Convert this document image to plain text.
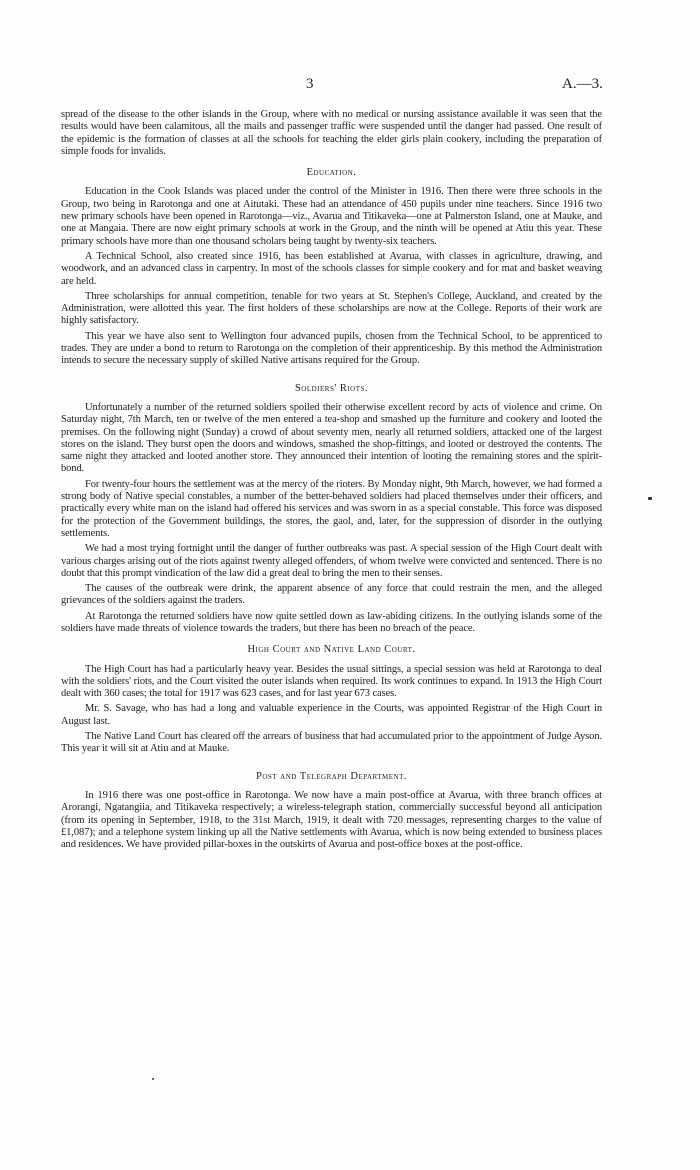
3	A.—3.

spread of the disease to the other islands in the Group, where with no medical or nursing assistance available it was seen that the results would have been calamitous, all the mails and passenger traffic were suspended until the danger had passed. One result of the epidemic is the formation of classes at all the schools for teaching the elder girls plain cookery, including the preparation of simple foods for invalids.

Education.

Education in the Cook Islands was placed under the control of the Minister in 1916. Then there were three schools in the Group, two being in Rarotonga and one at Aitutaki. These had an attendance of 450 pupils under nine teachers. Since 1916 two new primary schools have been opened in Rarotonga—viz., Avarua and Titikaveka—one at Palmerston Island, one at Mauke, and one at Mangaia. There are now eight primary schools at work in the Group, and the ninth will be opened at Atiu this year. These primary schools have more than one thousand scholars being taught by twenty-six teachers.

A Technical School, also created since 1916, has been established at Avarua, with classes in agriculture, drawing, and woodwork, and an advanced class in carpentry. In most of the schools classes for simple cookery and for mat and basket weaving are held.

Three scholarships for annual competition, tenable for two years at St. Stephen's College, Auckland, and created by the Administration, were allotted this year. The first holders of these scholarships are now at the College. Reports of their work are highly satisfactory.

This year we have also sent to Wellington four advanced pupils, chosen from the Technical School, to be apprenticed to trades. They are under a bond to return to Rarotonga on the completion of their apprenticeship. By this method the Administration intends to secure the necessary supply of skilled Native artisans required for the Group.

Soldiers' Riots.

Unfortunately a number of the returned soldiers spoiled their otherwise excellent record by acts of violence and crime. On Saturday night, 7th March, ten or twelve of the men entered a tea-shop and smashed up the furniture and cookery and looted the premises. On the following night (Sunday) a crowd of about seventy men, nearly all returned soldiers, attacked one of the largest stores on the island. They burst open the doors and windows, smashed the shop-fittings, and looted or destroyed the contents. The same night they attacked and looted another store. They announced their intention of looting the remaining stores and the spirit-bond.

For twenty-four hours the settlement was at the mercy of the rioters. By Monday night, 9th March, however, we had formed a strong body of Native special constables, a number of the better-behaved soldiers had placed themselves under their officers, and practically every white man on the island had offered his services and was sworn in as a special constable. This force was disposed for the protection of the Government buildings, the stores, the gaol, and, later, for the suppression of disorder in the outlying settlements.

We had a most trying fortnight until the danger of further outbreaks was past. A special session of the High Court dealt with various charges arising out of the riots against twenty alleged offenders, of whom twelve were convicted and sentenced. There is no doubt that this prompt vindication of the law did a great deal to bring the men to their senses.

The causes of the outbreak were drink, the apparent absence of any force that could restrain the men, and the alleged grievances of the soldiers against the traders.

At Rarotonga the returned soldiers have now quite settled down as law-abiding citizens. In the outlying islands some of the soldiers have made threats of violence towards the traders, but there has been no breach of the peace.

High Court and Native Land Court.

The High Court has had a particularly heavy year. Besides the usual sittings, a special session was held at Rarotonga to deal with the soldiers' riots, and the Court visited the outer islands when required. Its work continues to expand. In 1913 the High Court dealt with 360 cases; the total for 1917 was 623 cases, and for last year 673 cases.

Mr. S. Savage, who has had a long and valuable experience in the Courts, was appointed Registrar of the High Court in August last.

The Native Land Court has cleared off the arrears of business that had accumulated prior to the appointment of Judge Ayson. This year it will sit at Atiu and at Mauke.

Post and Telegraph Department.

In 1916 there was one post-office in Rarotonga. We now have a main post-office at Avarua, with three branch offices at Arorangi, Ngatangiia, and Titikaveka respectively; a wireless-telegraph station, commercially successful beyond all anticipation (from its opening in September, 1918, to the 31st March, 1919, it dealt with 720 messages, representing charges to the value of £1,087); and a telephone system linking up all the Native settlements with Avarua, which is now being extended to business places and residences. We have provided pillar-boxes in the outskirts of Avarua and post-office boxes at the post-office.
